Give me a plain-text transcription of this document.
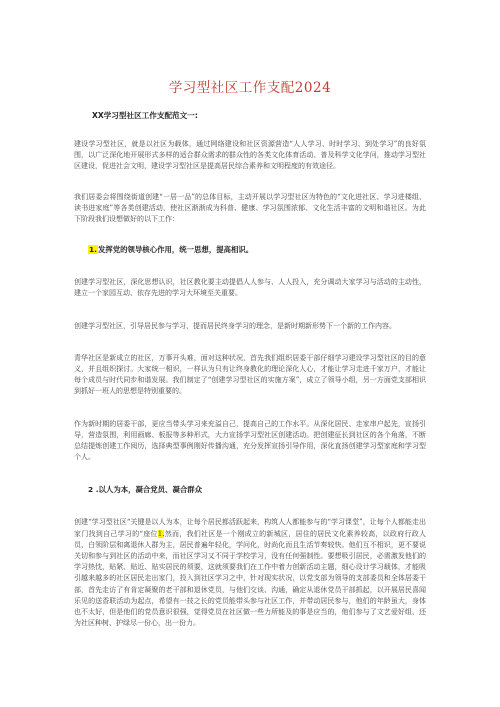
学习型社区工作支配2024
XX学习型社区工作支配范文一:

建设学习型社区，就是以社区为载体，通过网络建设和社区资源营造“人人学习、时时学习、到处学习”的良好氛围，以广泛深化地开展形式多样的适合群众需求的群众性的各类文化体育活动、普及科学文化学问，推动学习型社区建设，促进社会文明，建设学习型社区是提高居民综合素养和文明程度的有效途径。

我们居委会将围绕街道创建“一居一品”的总体目标，主动开展以学习型社区为特色的“文化进社区、学习进楼组、读书进家庭”等各类创建活动，使社区渐渐成为科普、健康、学习氛围浓郁、文化生活丰富的文明和谐社区。为此下阶段我们设想做好的以下工作：

1.发挥党的领导核心作用，统一思想，提高相识。

创建学习型社区，深化思想认识，社区教化要主动提倡人人参与、人人投入，充分调动大家学习与活动的主动性，建立一个家园互动、依存先进的学习大环境至关重要。

创建学习型社区，引导居民参与学习，提而居民终身学习的理念，是新时期新形势下一个新的工作内容。

青华社区是新成立的社区，万事开头难，面对这种状况，首先我们组织居委干部仔细学习建设学习型社区的目的意义，并且组织探讨。大家统一相识，一样认为只有让终身教化的理论深化人心，才能让学习走进千家万户，才能让每个成员与时代同步和谐发展。我们制定了“创建学习型社区的实施方案”，成立了领导小组，另一方面党支部相识到抓好一班人的思想是特别重要的。

作为新时期的居委干部，更应当带头学习来充溢自己，提高自己的工作水平。从深化居民、走家串户起先，宣扬引导，营造氛围，利用画廊、板报等多种形式，大力宣扬学习型社区创建活动。把创建征长到社区的各个角落，不断总结提炼创建工作阅历，选择典型事例刚好传播沟通，充分发挥宣扬引导作用，深化直扬创建学习型家庭和学习型个人。

2 .以人为本，凝合党员、凝合群众

创建“学习型社区“关键是以人为本，让每个居民都活跃起来，构筑人人都能参与的“学习课堂”，让每个人都能走出家门找到自己学习的“座位1.然而，我们社区是一个刚成立的新城区，居住的居民文化素养较高，以政府行政人员、白领阶层和离退休人群为主，居民普遍年轻化，学问化，时尚化而且生活节奏较快。他们互不相识，更不要说关切和参与到社区的活动中来，而社区学习又不同于学校学习，没有任何强制性。要想吸引居民，必需激发他们的学习热忱，贴紧、贴近、贴实居民的须要，这就须要我们在工作中着力创新活动主题，细心设计学习载体，才能吸引越来越多的社区居民走出家门，投入到社区学习之中，针对现实状况，以党支部为领导的支部委员和全体居委干部，首先走访了有肯定凝聚的老干部和退休党员，与他们交谈、沟通，确定从退休党员干部抓起，以开展居民喜闻乐见的送香联活动为起点，希望有一技之长的党员能带头参与社区工作，并带动居民参与，他们的年龄虽大，身体也不太好，但是他们的党员意识很强，觉得党员在社区做一些力所能及的事是应当的，他们参与了文艺爱好组，还为社区种树、护绿尽一份心，出一份力。
